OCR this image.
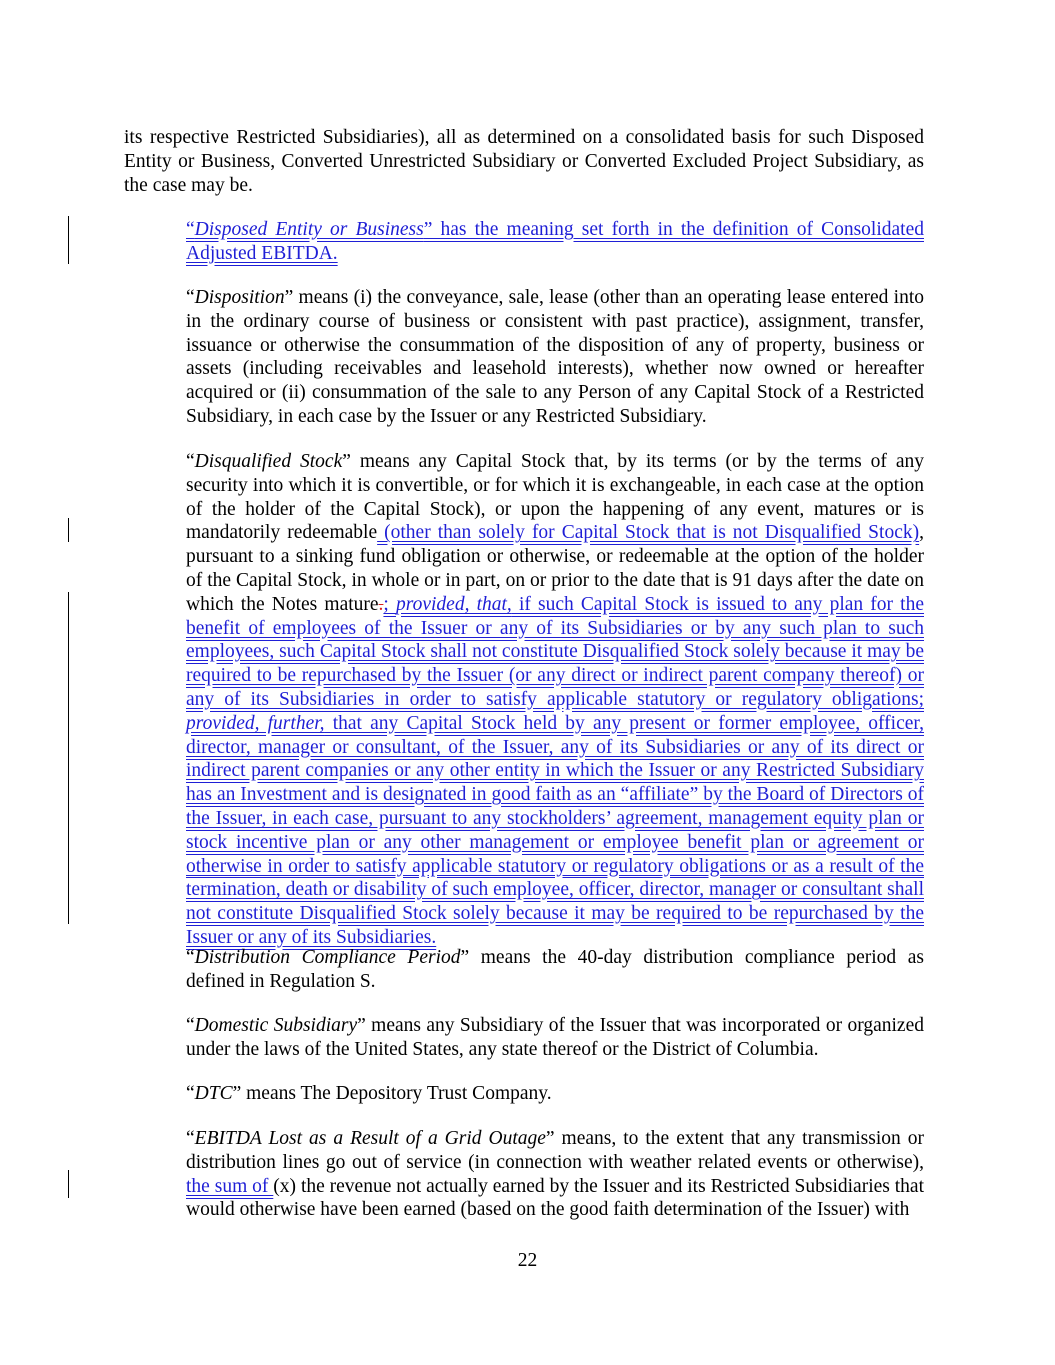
its respective Restricted Subsidiaries), all as determined on a consolidated basis for such Disposed Entity or Business, Converted Unrestricted Subsidiary or Converted Excluded Project Subsidiary, as the case may be.

“Disposed Entity or Business” has the meaning set forth in the definition of Consolidated Adjusted EBITDA.

“Disposition” means (i) the conveyance, sale, lease (other than an operating lease entered into in the ordinary course of business or consistent with past practice), assignment, transfer, issuance or otherwise the consummation of the disposition of any of property, business or assets (including receivables and leasehold interests), whether now owned or hereafter acquired or (ii) consummation of the sale to any Person of any Capital Stock of a Restricted Subsidiary, in each case by the Issuer or any Restricted Subsidiary.

“Disqualified Stock” means any Capital Stock that, by its terms (or by the terms of any security into which it is convertible, or for which it is exchangeable, in each case at the option of the holder of the Capital Stock), or upon the happening of any event, matures or is mandatorily redeemable (other than solely for Capital Stock that is not Disqualified Stock), pursuant to a sinking fund obligation or otherwise, or redeemable at the option of the holder of the Capital Stock, in whole or in part, on or prior to the date that is 91 days after the date on which the Notes mature.; provided, that, if such Capital Stock is issued to any plan for the benefit of employees of the Issuer or any of its Subsidiaries or by any such plan to such employees, such Capital Stock shall not constitute Disqualified Stock solely because it may be required to be repurchased by the Issuer (or any direct or indirect parent company thereof) or any of its Subsidiaries in order to satisfy applicable statutory or regulatory obligations; provided, further, that any Capital Stock held by any present or former employee, officer, director, manager or consultant, of the Issuer, any of its Subsidiaries or any of its direct or indirect parent companies or any other entity in which the Issuer or any Restricted Subsidiary has an Investment and is designated in good faith as an “affiliate” by the Board of Directors of the Issuer, in each case, pursuant to any stockholders’ agreement, management equity plan or stock incentive plan or any other management or employee benefit plan or agreement or otherwise in order to satisfy applicable statutory or regulatory obligations or as a result of the termination, death or disability of such employee, officer, director, manager or consultant shall not constitute Disqualified Stock solely because it may be required to be repurchased by the Issuer or any of its Subsidiaries.

“Distribution Compliance Period” means the 40-day distribution compliance period as defined in Regulation S.

“Domestic Subsidiary” means any Subsidiary of the Issuer that was incorporated or organized under the laws of the United States, any state thereof or the District of Columbia.

“DTC” means The Depository Trust Company.

“EBITDA Lost as a Result of a Grid Outage” means, to the extent that any transmission or distribution lines go out of service (in connection with weather related events or otherwise), the sum of (x) the revenue not actually earned by the Issuer and its Restricted Subsidiaries that would otherwise have been earned (based on the good faith determination of the Issuer) with

22
